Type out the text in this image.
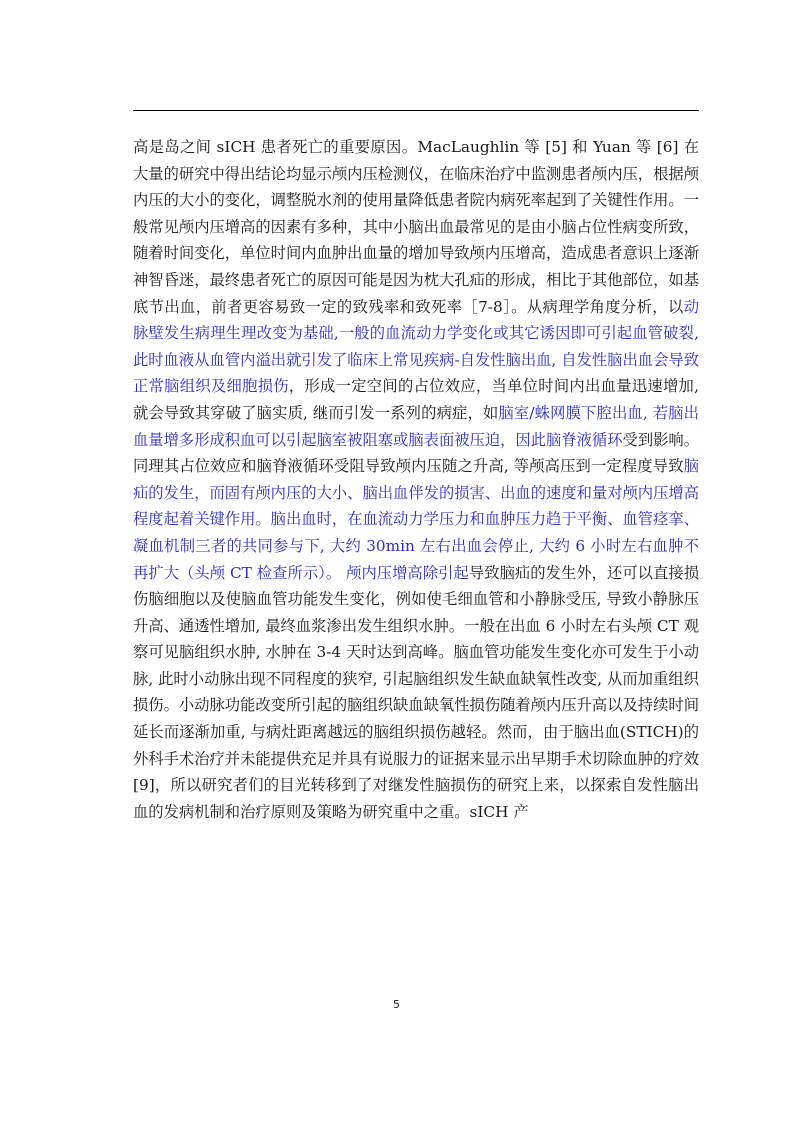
高是岛之间 sICH 患者死亡的重要原因。MacLaughlin 等 [5] 和 Yuan 等 [6] 在大量的研究中得出结论均显示颅内压检测仪，在临床治疗中监测患者颅内压，根据颅内压的大小的变化，调整脱水剂的使用量降低患者院内病死率起到了关键性作用。一般常见颅内压增高的因素有多种，其中小脑出血最常见的是由小脑占位性病变所致，随着时间变化，单位时间内血肿出血量的增加导致颅内压增高，造成患者意识上逐渐神智昏迷，最终患者死亡的原因可能是因为枕大孔疝的形成，相比于其他部位，如基底节出血，前者更容易致一定的致残率和致死率［7-8］。从病理学角度分析，以动脉壁发生病理生理改变为基础,一般的血流动力学变化或其它诱因即可引起血管破裂, 此时血液从血管内溢出就引发了临床上常见疾病-自发性脑出血, 自发性脑出血会导致正常脑组织及细胞损伤，形成一定空间的占位效应，当单位时间内出血量迅速增加, 就会导致其穿破了脑实质, 继而引发一系列的病症，如脑室/蛛网膜下腔出血, 若脑出血量增多形成积血可以引起脑室被阻塞或脑表面被压迫，因此脑脊液循环受到影响。同理其占位效应和脑脊液循环受阻导致颅内压随之升高, 等颅高压到一定程度导致脑疝的发生，而固有颅内压的大小、脑出血伴发的损害、出血的速度和量对颅内压增高程度起着关键作用。脑出血时，在血流动力学压力和血肿压力趋于平衡、血管痉挛、 凝血机制三者的共同参与下, 大约 30min 左右出血会停止, 大约 6 小时左右血肿不再扩大（头颅 CT 检查所示）。 颅内压增高除引起导致脑疝的发生外，还可以直接损伤脑细胞以及使脑血管功能发生变化，例如使毛细血管和小静脉受压, 导致小静脉压升高、通透性增加, 最终血浆渗出发生组织水肿。一般在出血 6 小时左右头颅 CT 观察可见脑组织水肿, 水肿在 3-4 天时达到高峰。脑血管功能发生变化亦可发生于小动脉, 此时小动脉出现不同程度的狭窄, 引起脑组织发生缺血缺氧性改变, 从而加重组织损伤。小动脉功能改变所引起的脑组织缺血缺氧性损伤随着颅内压升高以及持续时间延长而逐渐加重, 与病灶距离越远的脑组织损伤越轻。然而，由于脑出血(STICH)的外科手术治疗并未能提供充足并具有说服力的证据来显示出早期手术切除血肿的疗效[9]，所以研究者们的目光转移到了对继发性脑损伤的研究上来，以探索自发性脑出血的发病机制和治疗原则及策略为研究重中之重。sICH 产

5
